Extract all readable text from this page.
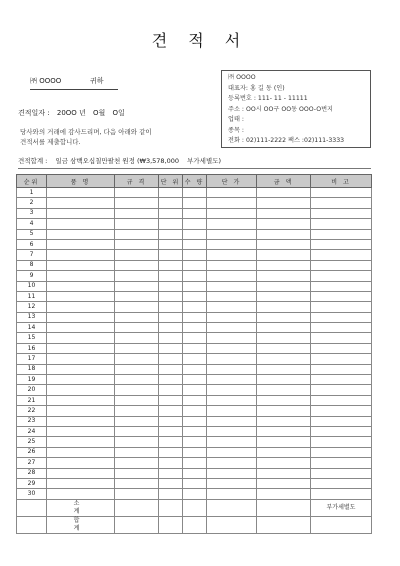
견 적 서
㈜ OOOO	귀하
견적일자 : 20OO 년 O월 O일
당사와의 거래에 감사드리며, 다음 아래와 같이
견적서를 제출합니다.
㈜ OOOO
대표자: 홍 길 동 (인)
등록번호 : 111- 11 - 11111
주소 : OO시 OO구 OO동 OOO-O번지
업태 :
종목 :
전화 : 02)111-2222 팩스 :02)111-3333
견적합계 : 일금 삼백오십칠만팔천 원정 (₩3,578,000 부가세별도)
순위	품 명	규 격	단 위	수 량	단 가	금 액	비 고
1							
2							
3							
4							
5							
6							
7							
8							
9							
10							
11							
12							
13							
14							
15							
16							
17							
18							
19							
20							
21							
22							
23							
24							
25							
26							
27							
28							
29							
30							
	소 계						부가세별도
	합 계						
